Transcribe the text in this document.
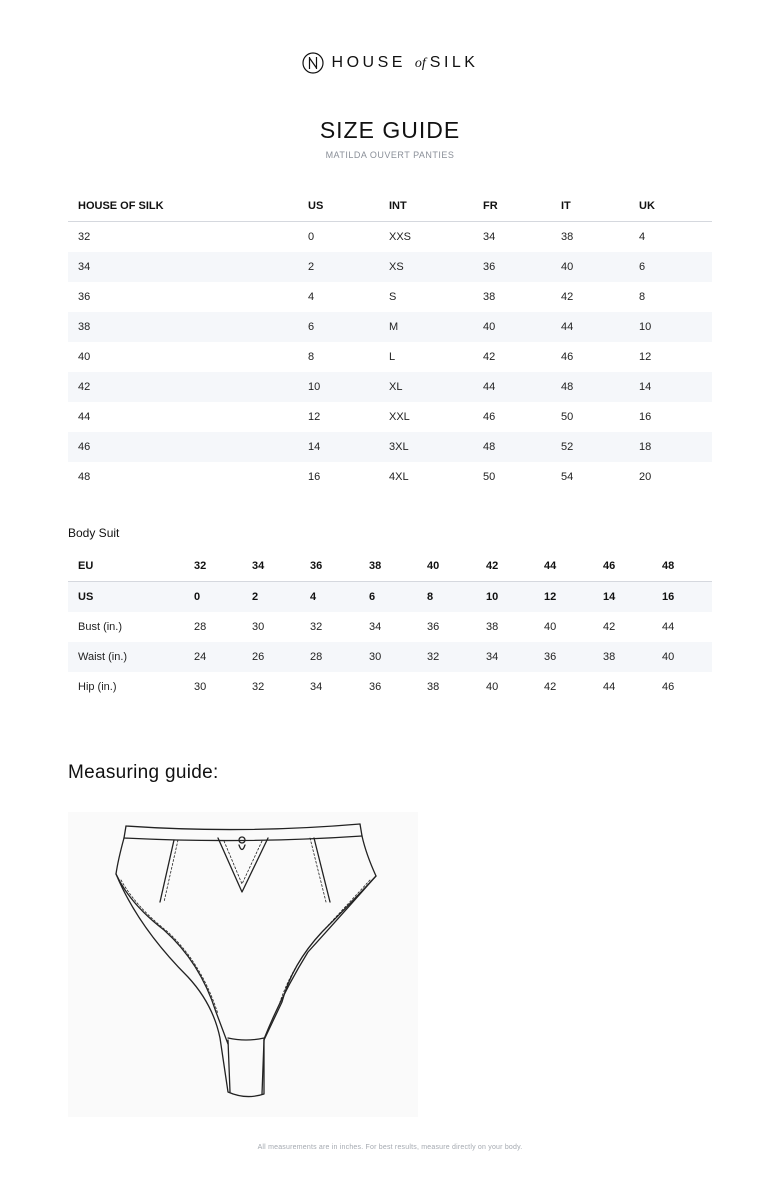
HOUSE of SILK
SIZE GUIDE
MATILDA OUVERT PANTIES
HOUSE OF SILK	US	INT	FR	IT	UK
32	0	XXS	34	38	4
34	2	XS	36	40	6
36	4	S	38	42	8
38	6	M	40	44	10
40	8	L	42	46	12
42	10	XL	44	48	14
44	12	XXL	46	50	16
46	14	3XL	48	52	18
48	16	4XL	50	54	20
Body Suit
EU	32	34	36	38	40	42	44	46	48
US	0	2	4	6	8	10	12	14	16
Bust (in.)	28	30	32	34	36	38	40	42	44
Waist (in.)	24	26	28	30	32	34	36	38	40
Hip (in.)	30	32	34	36	38	40	42	44	46
Measuring guide:
All measurements are in inches. For best results, measure directly on your body.
